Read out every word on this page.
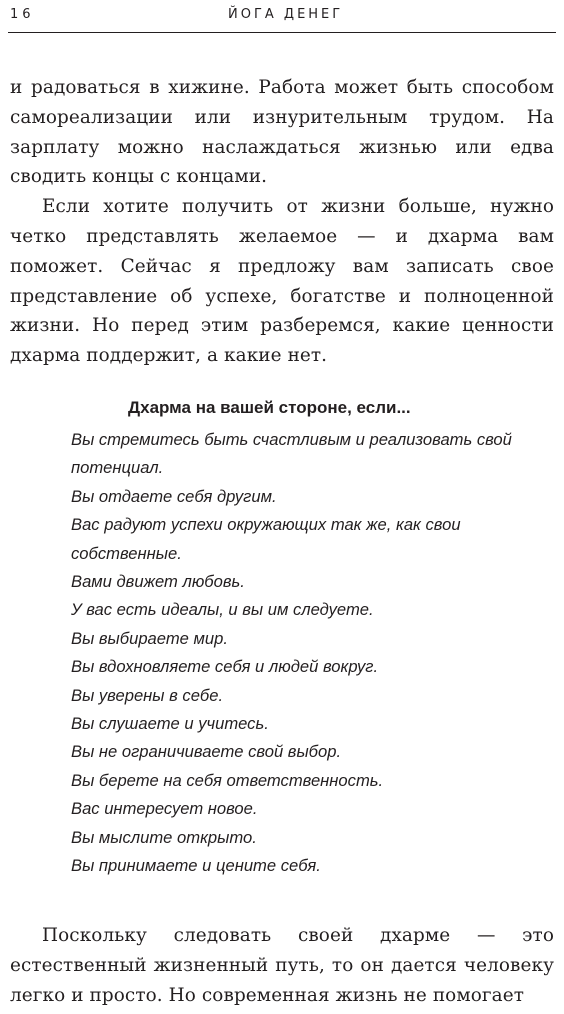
16	ЙОГА ДЕНЕГ

и радоваться в хижине. Работа может быть способом самореализации или изнурительным трудом. На зарплату можно наслаждаться жизнью или едва сводить концы с концами.

Если хотите получить от жизни больше, нужно четко представлять желаемое — и дхарма вам поможет. Сейчас я предложу вам записать свое представление об успехе, богатстве и полноценной жизни. Но перед этим разберемся, какие ценности дхарма поддержит, а какие нет.

Дхарма на вашей стороне, если...
Вы стремитесь быть счастливым и реализовать свой потенциал.
Вы отдаете себя другим.
Вас радуют успехи окружающих так же, как свои собственные.
Вами движет любовь.
У вас есть идеалы, и вы им следуете.
Вы выбираете мир.
Вы вдохновляете себя и людей вокруг.
Вы уверены в себе.
Вы слушаете и учитесь.
Вы не ограничиваете свой выбор.
Вы берете на себя ответственность.
Вас интересует новое.
Вы мыслите открыто.
Вы принимаете и цените себя.

Поскольку следовать своей дхарме — это естественный жизненный путь, то он дается человеку легко и просто. Но современная жизнь не помогает
